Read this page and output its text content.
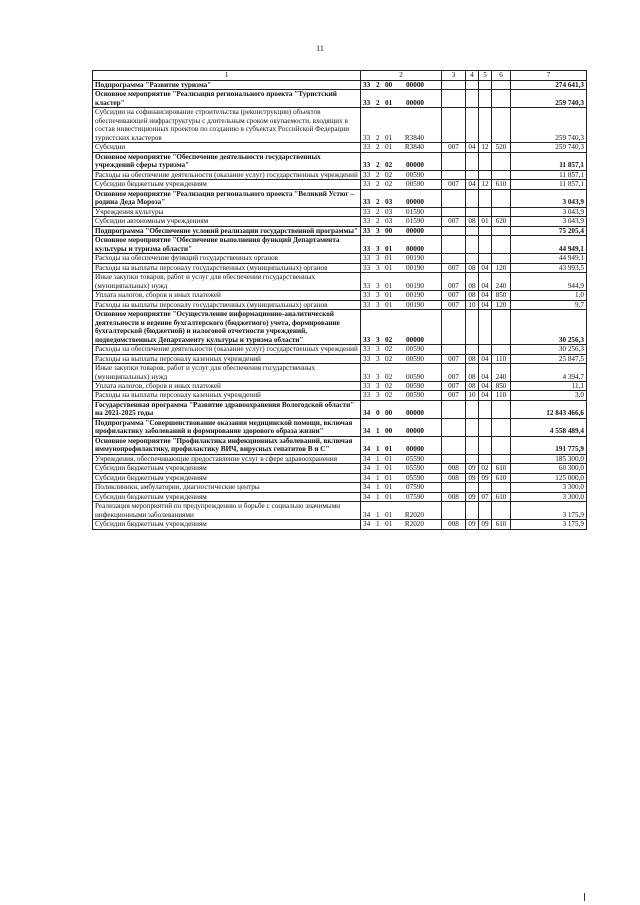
11
1	2	3	4	5	6	7
Подпрограмма "Развитие туризма"	33 2 00 00000					274 641,3
Основное мероприятие "Реализация регионального проекта "Туристский кластер"	33 2 01 00000					259 740,3
Субсидии на софинансирование строительства (реконструкции) объектов обеспечивающей инфраструктуры с длительным сроком окупаемости, входящих в состав инвестиционных проектов по созданию в субъектах Российской Федерации туристских кластеров	33 2 01 R3840					259 740,3
Субсидии	33 2 01 R3840	007	04	12	520	259 740,3
Основное мероприятие "Обеспечение деятельности государственных учреждений сферы туризма"	33 2 02 00000					11 857,1
Расходы на обеспечение деятельности (оказание услуг) государственных учреждений	33 2 02 00590					11 857,1
Субсидии бюджетным учреждениям	33 2 02 00590	007	04	12	610	11 857,1
Основное мероприятие "Реализация регионального проекта "Великий Устюг – родина Деда Мороза"	33 2 03 00000					3 043,9
Учреждения культуры	33 2 03 01590					3 043,9
Субсидии автономным учреждениям	33 2 03 01590	007	08	01	620	3 043,9
Подпрограмма "Обеспечение условий реализации государственной программы"	33 3 00 00000					75 205,4
Основное мероприятие "Обеспечение выполнения функций Департамента культуры и туризма области"	33 3 01 00000					44 949,1
Расходы на обеспечение функций государственных органов	33 3 01 00190					44 949,1
Расходы на выплаты персоналу государственных (муниципальных) органов	33 3 01 00190	007	08	04	120	43 993,5
Иные закупки товаров, работ и услуг для обеспечения государственных (муниципальных) нужд	33 3 01 00190	007	08	04	240	944,9
Уплата налогов, сборов и иных платежей	33 3 01 00190	007	08	04	850	1,0
Расходы на выплаты персоналу государственных (муниципальных) органов	33 3 01 00190	007	10	04	120	9,7
Основное мероприятие "Осуществление информационно-аналитической деятельности и ведение бухгалтерского (бюджетного) учета, формирование бухгалтерской (бюджетной) и налоговой отчетности учреждений, подведомственных Департаменту культуры и туризма области"	33 3 02 00000					30 256,3
Расходы на обеспечение деятельности (оказание услуг) государственных учреждений	33 3 02 00590					30 256,3
Расходы на выплаты персоналу казенных учреждений	33 3 02 00590	007	08	04	110	25 847,5
Иные закупки товаров, работ и услуг для обеспечения государственных (муниципальных) нужд	33 3 02 00590	007	08	04	240	4 394,7
Уплата налогов, сборов и иных платежей	33 3 02 00590	007	08	04	850	11,1
Расходы на выплаты персоналу казенных учреждений	33 3 02 00590	007	10	04	110	3,0
Государственная программа "Развитие здравоохранения Вологодской области" на 2021-2025 годы	34 0 00 00000					12 843 466,6
Подпрограмма "Совершенствование оказания медицинской помощи, включая профилактику заболеваний и формирование здорового образа жизни"	34 1 00 00000					4 558 489,4
Основное мероприятие "Профилактика инфекционных заболеваний, включая иммунопрофилактику, профилактику ВИЧ, вирусных гепатитов В и С"	34 1 01 00000					191 775,9
Учреждения, обеспечивающие предоставление услуг в сфере здравоохранения	34 1 01 05590					185 300,0
Субсидии бюджетным учреждениям	34 1 01 05590	008	09	02	610	60 300,0
Субсидии бюджетным учреждениям	34 1 01 05590	008	09	09	610	125 000,0
Поликлиники, амбулатории, диагностические центры	34 1 01 07590					3 300,0
Субсидии бюджетным учреждениям	34 1 01 07590	008	09	07	610	3 300,0
Реализация мероприятий по предупреждению и борьбе с социально значимыми инфекционными заболеваниями	34 1 01 R2020					3 175,9
Субсидии бюджетным учреждениям	34 1 01 R2020	008	09	09	610	3 175,9
